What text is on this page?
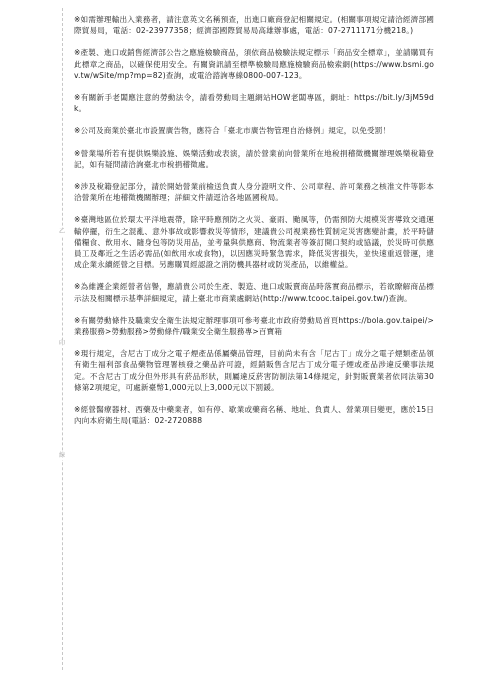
乙
印
線

※如需辦理輸出入業務者，請注意英文名稱預查，出進口廠商登記相關規定。(相關事項規定請洽經濟部國際貿易局，電話：02-23977358；經濟部國際貿易局高雄辦事處，電話：07-2711171分機218。)

※產製、進口或銷售經濟部公告之應施檢驗商品，須依商品檢驗法規定標示「商品安全標章」，並請購買有此標章之商品，以確保使用安全。有關資訊請至標準檢驗局應施檢驗商品檢索網(https://www.bsmi.gov.tw/wSite/mp?mp=82)查詢，或電洽諮詢專線0800-007-123。

※有關新手老闆應注意的勞動法令，請看勞動局主題網站HOW老闆專區，網址：https://bit.ly/3jM59dk。

※公司及商業於臺北市設置廣告物，應符合「臺北市廣告物管理自治條例」規定，以免受罰！

※營業場所若有提供娛樂設施、娛樂活動或表演，請於營業前向營業所在地稅捐稽徵機關辦理娛樂稅籍登記，如有疑問請洽詢臺北市稅捐稽徵處。

※涉及稅籍登記部分，請於開始營業前檢送負責人身分證明文件、公司章程、許可業務之核准文件等影本洽營業所在地稽徵機關辦理；詳細文件請逕洽各地區國稅局。

※臺灣地區位於環太平洋地震帶，除平時應預防之火災、豪雨、颱風等，仍需預防大規模災害導致交通運輸停擺，衍生之混亂、意外事故或影響救災等情形，建議貴公司視業務性質制定災害應變計畫，於平時儲備糧食、飲用水、隨身包等防災用品，並考量與供應商、物流業者等簽訂開口契約或協議，於災時可供應員工及鄰近之生活必需品(如飲用水或食物)，以因應災時緊急需求，降低災害損失，並快速重返營運，達成企業永續經營之目標。另應購買經認證之消防機具器材或防災產品，以維權益。

※為維護企業經營者信譽，應請貴公司於生產、製造、進口或販賣商品時落實商品標示，若欲瞭解商品標示法及相關標示基準詳細規定，請上臺北市商業處網站(http://www.tcooc.taipei.gov.tw/)查詢。

※有關勞動條件及職業安全衛生法規定辦理事項可參考臺北市政府勞動局首頁https://bola.gov.taipei/>業務服務>勞動服務>勞動條件/職業安全衛生服務專>百寶箱

※現行規定，含尼古丁成分之電子煙產品係屬藥品管理，目前尚未有含「尼古丁」成分之電子煙類產品領有衛生福利部食品藥物管理署核發之藥品許可證，經銷販售含尼古丁成分電子煙或產品涉違反藥事法規定。不含尼古丁成分但外形具有菸品形狀，則屬違反菸害防制法第14條規定，針對販賣業者依同法第30條第2項規定，可處新臺幣1,000元以上3,000元以下罰鍰。

※經營醫療器材、西藥及中藥業者，如有停、歇業或藥商名稱、地址、負責人、營業項目變更，應於15日內向本府衛生局(電話：02-2720888
